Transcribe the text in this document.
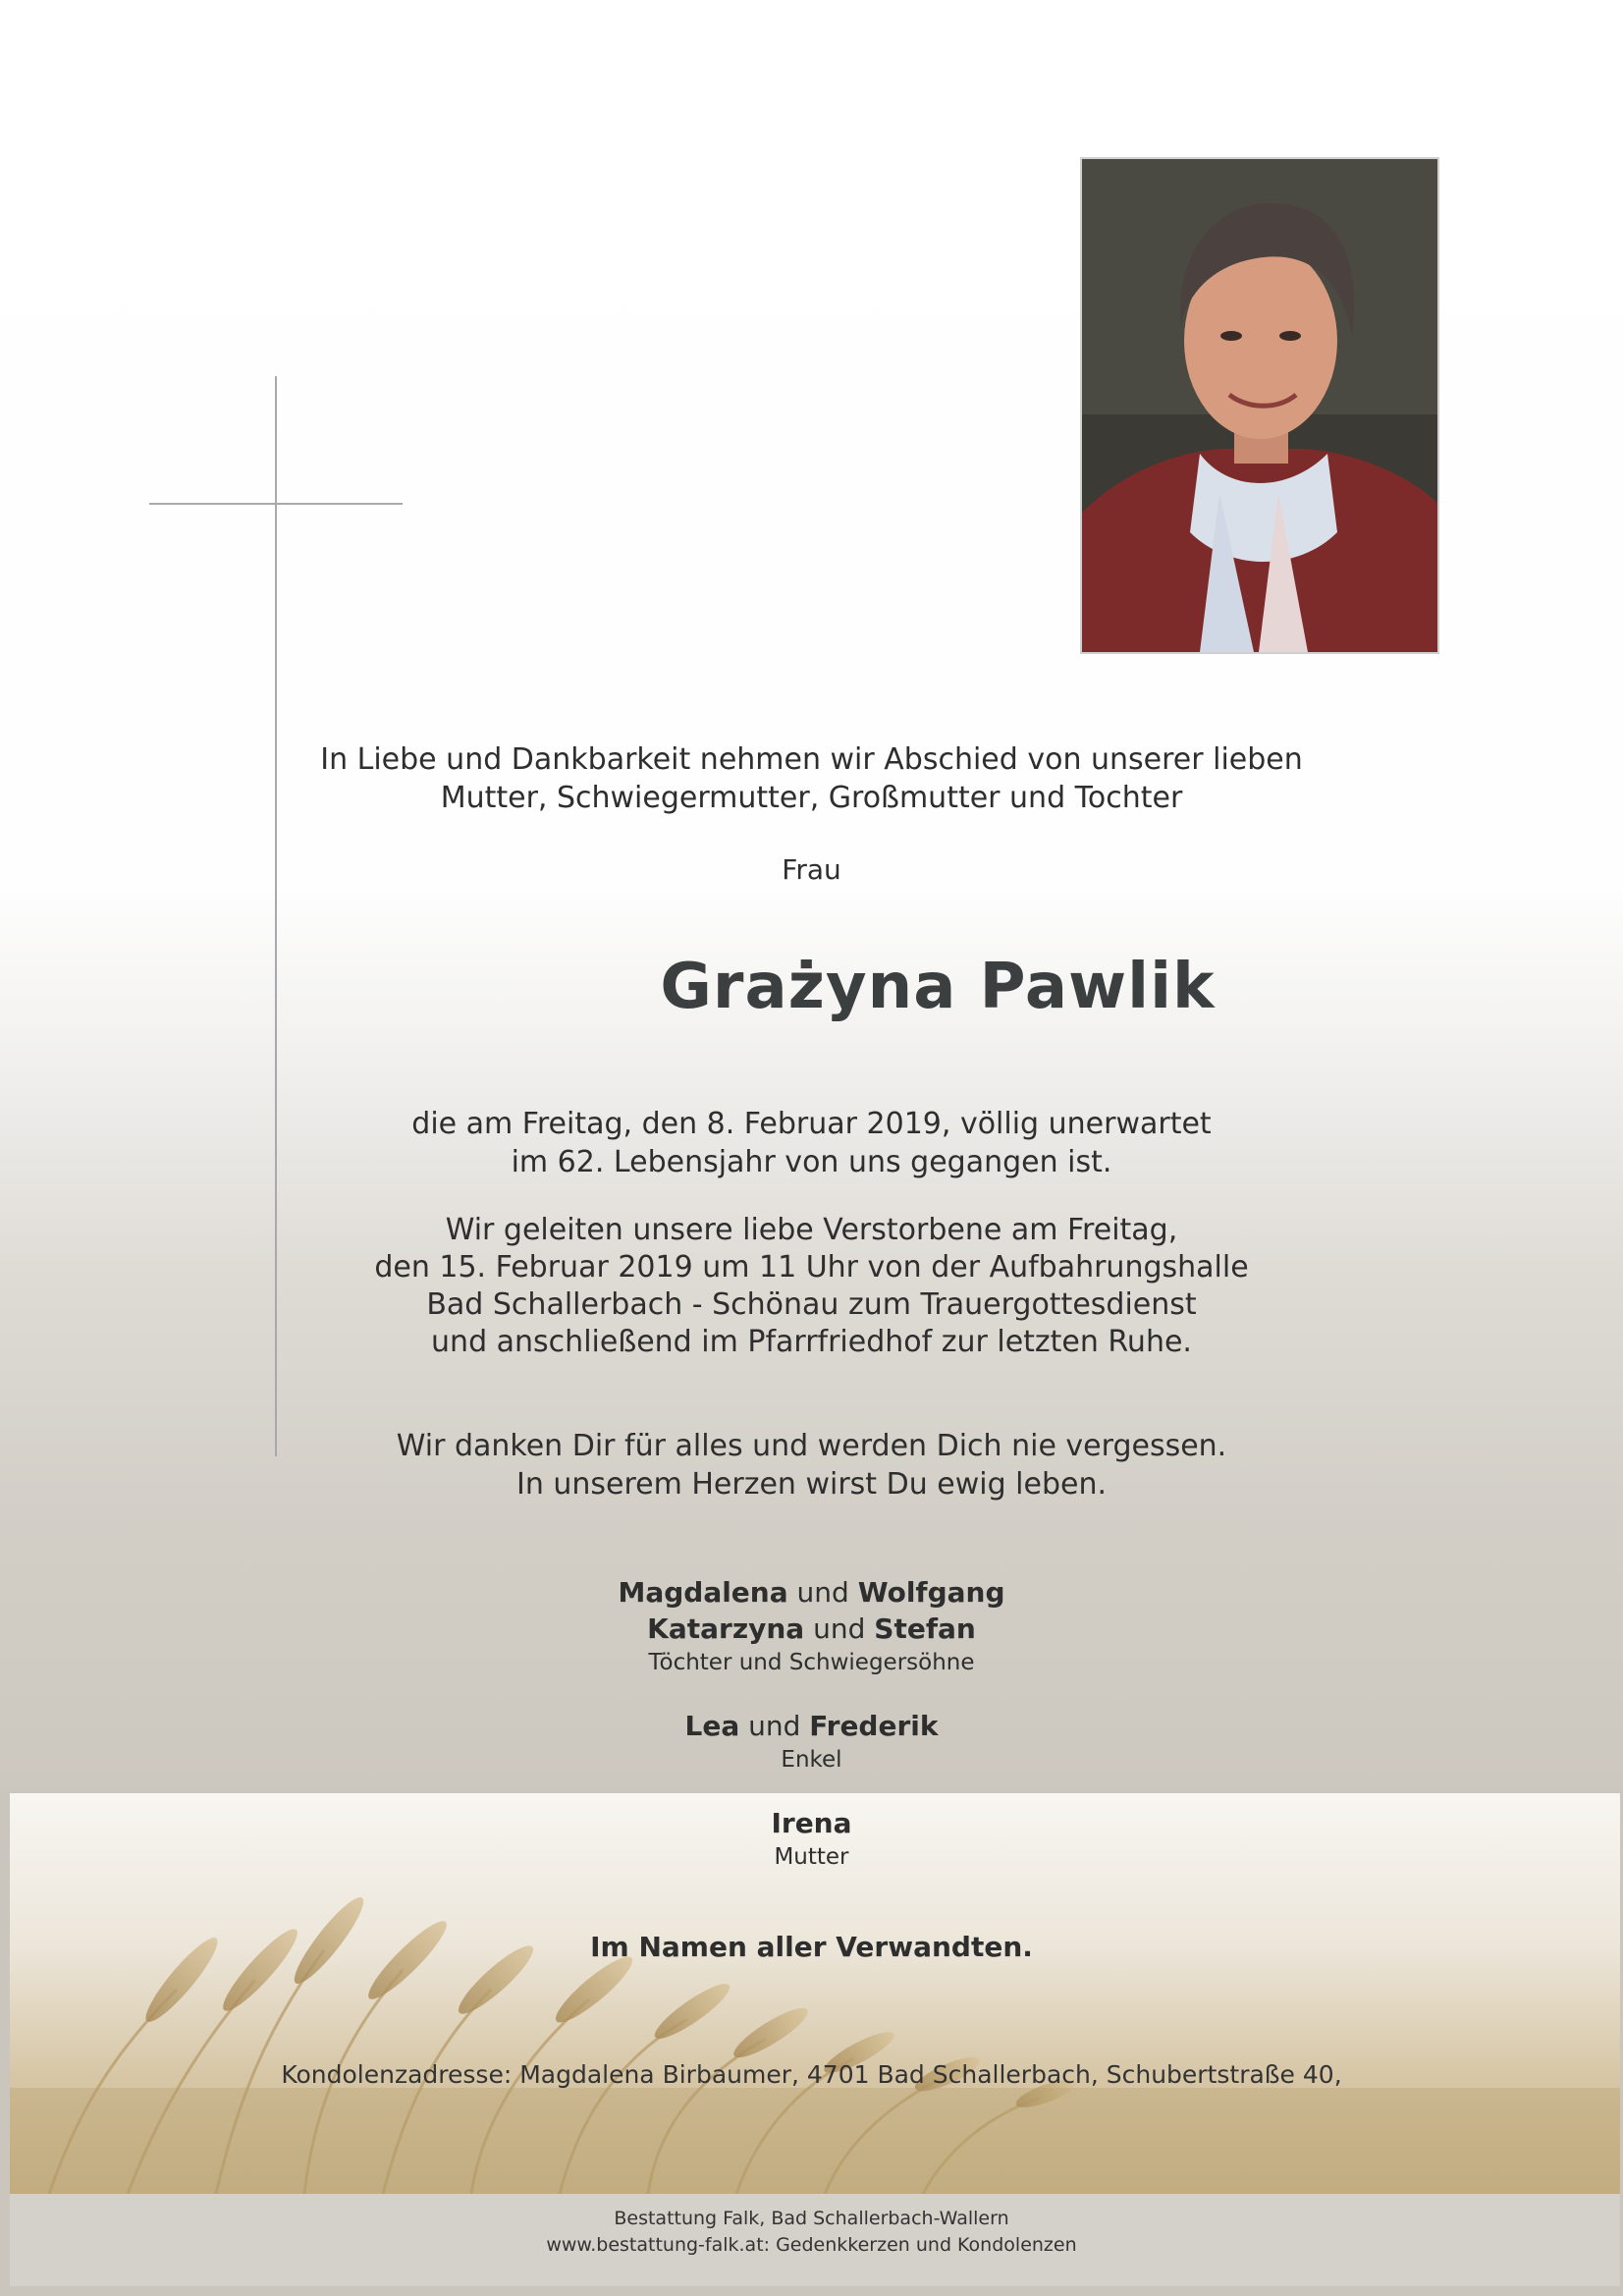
In Liebe und Dankbarkeit nehmen wir Abschied von unserer lieben
Mutter, Schwiegermutter, Großmutter und Tochter
Frau
Grażyna Pawlik
die am Freitag, den 8. Februar 2019, völlig unerwartet
im 62. Lebensjahr von uns gegangen ist.
Wir geleiten unsere liebe Verstorbene am Freitag,
den 15. Februar 2019 um 11 Uhr von der Aufbahrungshalle
Bad Schallerbach - Schönau zum Trauergottesdienst
und anschließend im Pfarrfriedhof zur letzten Ruhe.
Wir danken Dir für alles und werden Dich nie vergessen.
In unserem Herzen wirst Du ewig leben.
Magdalena und Wolfgang
Katarzyna und Stefan
Töchter und Schwiegersöhne
Lea und Frederik
Enkel
Irena
Mutter
Im Namen aller Verwandten.
Kondolenzadresse: Magdalena Birbaumer, 4701 Bad Schallerbach, Schubertstraße 40,
Bestattung Falk, Bad Schallerbach-Wallern
www.bestattung-falk.at: Gedenkkerzen und Kondolenzen
